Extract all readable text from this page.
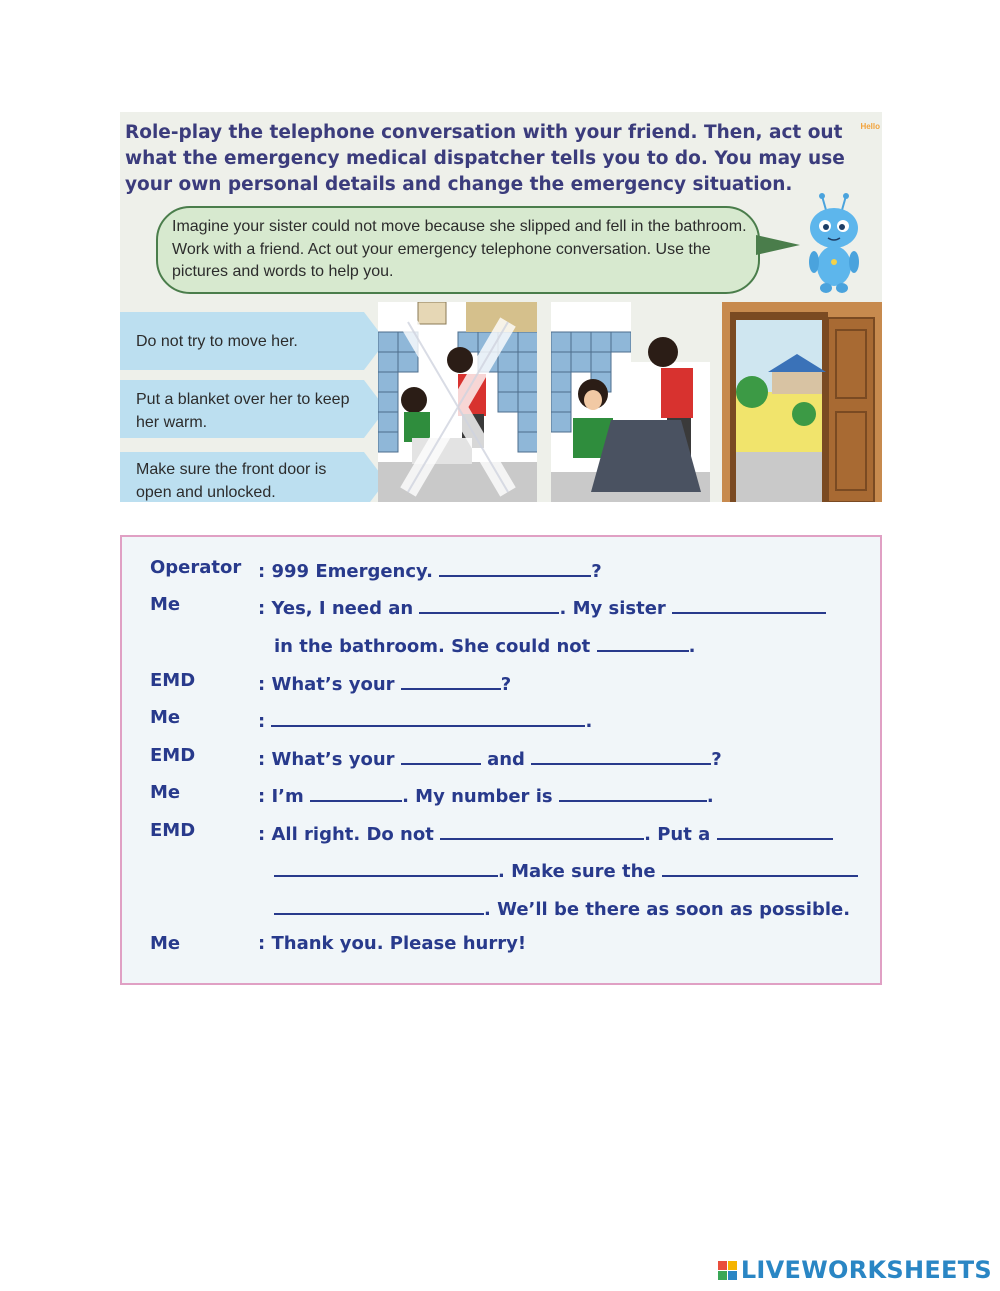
Role-play the telephone conversation with your friend. Then, act out what the emergency medical dispatcher tells you to do. You may use your own personal details and change the emergency situation.

Hello

Imagine your sister could not move because she slipped and fell in the bathroom. Work with a friend. Act out your emergency telephone conversation. Use the pictures and words to help you.

Do not try to move her.

Put a blanket over her to keep her warm.

Make sure the front door is open and unlocked.

Operator : 999 Emergency.	?
Me	: Yes, I need an	. My sister
in the bathroom. She could not	.
EMD	: What’s your	?
Me	:	.
EMD	: What’s your	and	?
Me	: I’m	. My number is	.
EMD	: All right. Do not	. Put a
. Make sure the
. We’ll be there as soon as possible.
Me	: Thank you. Please hurry!
LIVEWORKSHEETS
